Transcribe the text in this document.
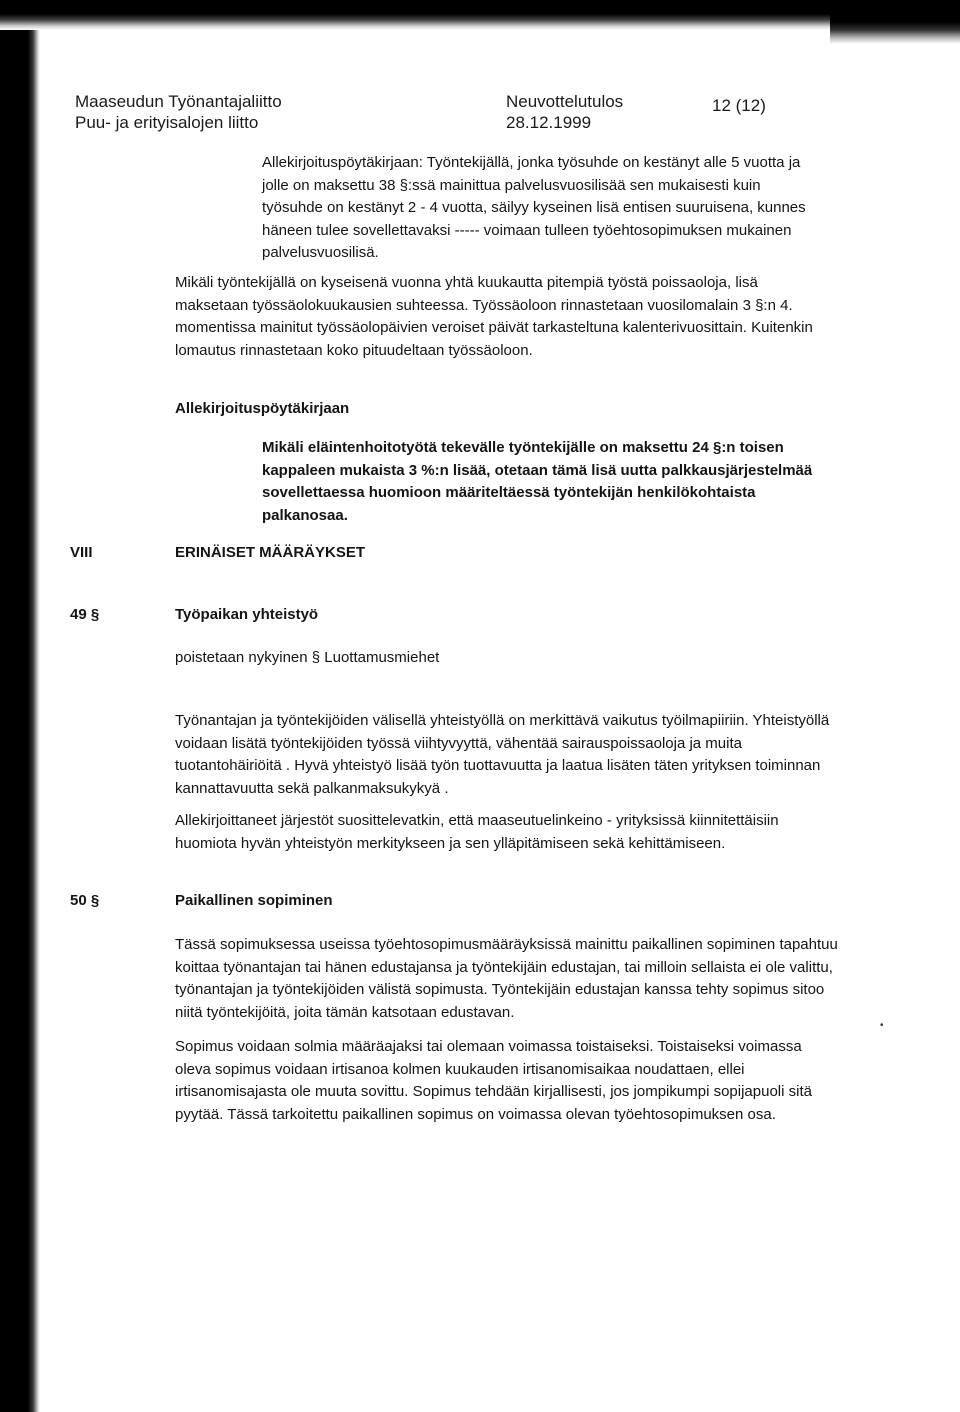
Maaseudun Työnantajaliitto
Puu- ja erityisalojen liitto
Neuvottelutulos
28.12.1999
12 (12)

Allekirjoituspöytäkirjaan: Työntekijällä, jonka työsuhde on kestänyt alle 5 vuotta ja jolle on maksettu 38 §:ssä mainittua palvelusvuosilisää sen mukaisesti kuin työsuhde on kestänyt 2 - 4 vuotta, säilyy kyseinen lisä entisen suuruisena, kunnes häneen tulee sovellettavaksi ----- voimaan tulleen työehtosopimuksen mukainen palvelusvuosilisä.

Mikäli työntekijällä on kyseisenä vuonna yhtä kuukautta pitempiä työstä poissaoloja, lisä maksetaan työssäolokuukausien suhteessa. Työssäoloon rinnastetaan vuosilomalain 3 §:n 4. momentissa mainitut työssäolopäivien veroiset päivät tarkasteltuna kalenterivuosittain. Kuitenkin lomautus rinnastetaan koko pituudeltaan työssäoloon.

Allekirjoituspöytäkirjaan

Mikäli eläintenhoitotyötä tekevälle työntekijälle on maksettu 24 §:n toisen kappaleen mukaista 3 %:n lisää, otetaan tämä lisä uutta palkkausjärjestelmää sovellettaessa huomioon määriteltäessä työntekijän henkilökohtaista palkanosaa.

VIII	ERINÄISET MÄÄRÄYKSET
49 §	Työpaikan yhteistyö

poistetaan nykyinen § Luottamusmiehet

Työnantajan ja työntekijöiden välisellä yhteistyöllä on merkittävä vaikutus työilmapiiriin. Yhteistyöllä voidaan lisätä työntekijöiden työssä viihtyvyyttä, vähentää sairauspoissaoloja ja muita tuotantohäiriöitä . Hyvä yhteistyö lisää työn tuottavuutta ja laatua lisäten täten yrityksen toiminnan kannattavuutta sekä palkanmaksukykyä .

Allekirjoittaneet järjestöt suosittelevatkin, että maaseutuelinkeino - yrityksissä kiinnitettäisiin huomiota hyvän yhteistyön merkitykseen ja sen ylläpitämiseen sekä kehittämiseen.

50 §	Paikallinen sopiminen

Tässä sopimuksessa useissa työehtosopimusmääräyksissä mainittu paikallinen sopiminen tapahtuu koittaa työnantajan tai hänen edustajansa ja työntekijäin edustajan, tai milloin sellaista ei ole valittu, työnantajan ja työntekijöiden välistä sopimusta. Työntekijäin edustajan kanssa tehty sopimus sitoo niitä työntekijöitä, joita tämän katsotaan edustavan.

Sopimus voidaan solmia määräajaksi tai olemaan voimassa toistaiseksi. Toistaiseksi voimassa oleva sopimus voidaan irtisanoa kolmen kuukauden irtisanomisaikaa noudattaen, ellei irtisanomisajasta ole muuta sovittu. Sopimus tehdään kirjallisesti, jos jompikumpi sopijapuoli sitä pyytää. Tässä tarkoitettu paikallinen sopimus on voimassa olevan työehtosopimuksen osa.

•
